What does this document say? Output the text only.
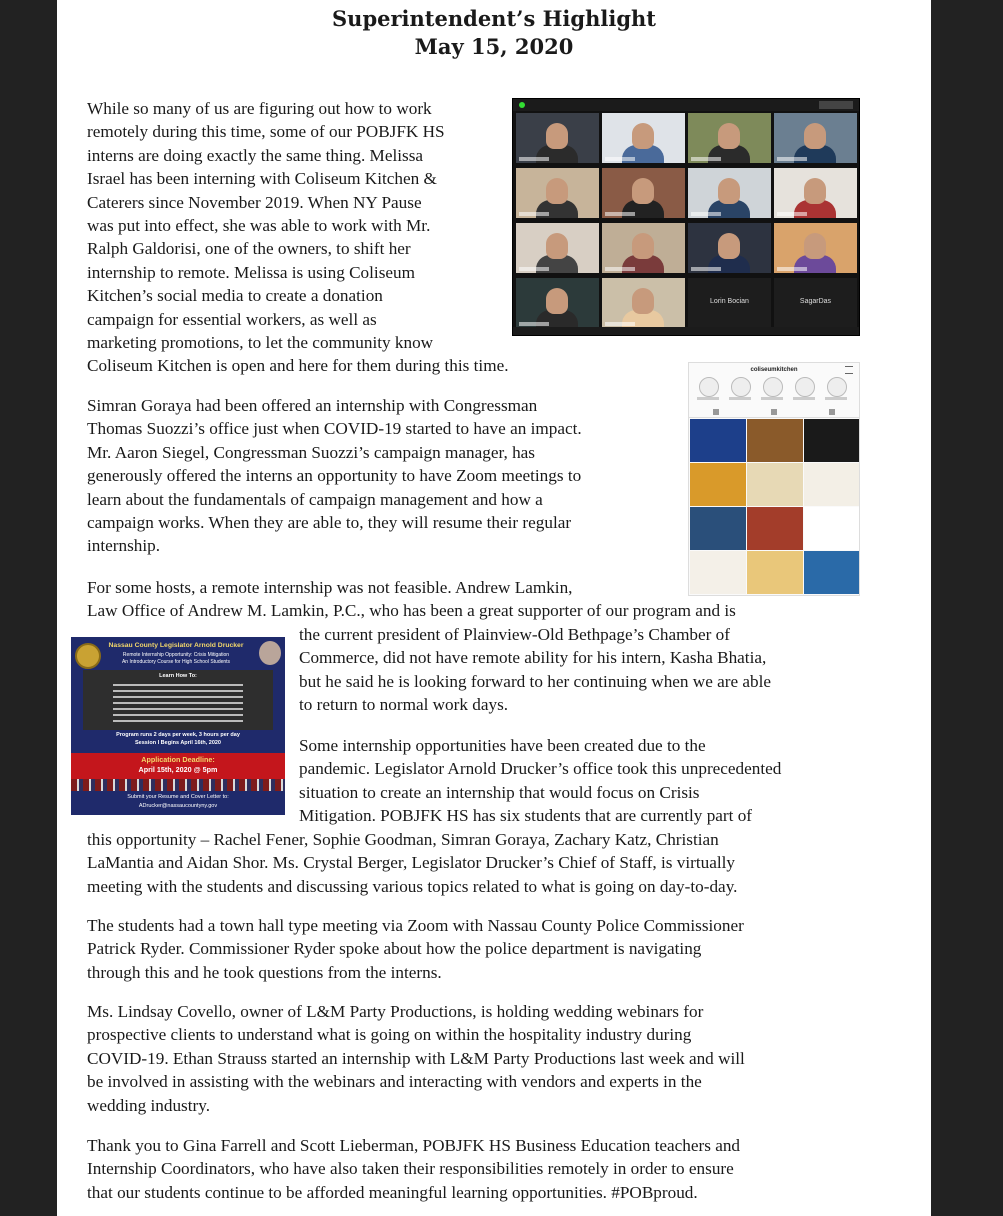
Superintendent’s Highlight
May 15, 2020
While so many of us are figuring out how to work
remotely during this time, some of our POBJFK HS
interns are doing exactly the same thing. Melissa
Israel has been interning with Coliseum Kitchen &
Caterers since November 2019. When NY Pause
was put into effect, she was able to work with Mr.
Ralph Galdorisi, one of the owners, to shift her
internship to remote. Melissa is using Coliseum
Kitchen’s social media to create a donation
campaign for essential workers, as well as
marketing promotions, to let the community know
Coliseum Kitchen is open and here for them during this time.
Simran Goraya had been offered an internship with Congressman
Thomas Suozzi’s office just when COVID-19 started to have an impact.
Mr. Aaron Siegel, Congressman Suozzi’s campaign manager, has
generously offered the interns an opportunity to have Zoom meetings to
learn about the fundamentals of campaign management and how a
campaign works. When they are able to, they will resume their regular
internship.
For some hosts, a remote internship was not feasible. Andrew Lamkin,
Law Office of Andrew M. Lamkin, P.C., who has been a great supporter of our program and is
the current president of Plainview-Old Bethpage’s Chamber of
Commerce, did not have remote ability for his intern, Kasha Bhatia,
but he said he is looking forward to her continuing when we are able
to return to normal work days.
Some internship opportunities have been created due to the
pandemic. Legislator Arnold Drucker’s office took this unprecedented
situation to create an internship that would focus on Crisis
Mitigation. POBJFK HS has six students that are currently part of
this opportunity – Rachel Fener, Sophie Goodman, Simran Goraya, Zachary Katz, Christian
LaMantia and Aidan Shor. Ms. Crystal Berger, Legislator Drucker’s Chief of Staff, is virtually
meeting with the students and discussing various topics related to what is going on day-to-day.
The students had a town hall type meeting via Zoom with Nassau County Police Commissioner
Patrick Ryder. Commissioner Ryder spoke about how the police department is navigating
through this and he took questions from the interns.
Ms. Lindsay Covello, owner of L&M Party Productions, is holding wedding webinars for
prospective clients to understand what is going on within the hospitality industry during
COVID-19. Ethan Strauss started an internship with L&M Party Productions last week and will
be involved in assisting with the webinars and interacting with vendors and experts in the
wedding industry.
Thank you to Gina Farrell and Scott Lieberman, POBJFK HS Business Education teachers and
Internship Coordinators, who have also taken their responsibilities remotely in order to ensure
that our students continue to be afforded meaningful learning opportunities. #POBproud.
Lorin Bocian	SagarDas
coliseumkitchen
Nassau County Legislator Arnold Drucker
Remote Internship Opportunity: Crisis Mitigation
An Introductory Course for High School Students
Learn How To:
Program runs 2 days per week, 3 hours per day
Session I Begins April 16th, 2020
Application Deadline:
April 15th, 2020 @ 5pm
Submit your Resume and Cover Letter to:
ADrucker@nassaucountyny.gov
